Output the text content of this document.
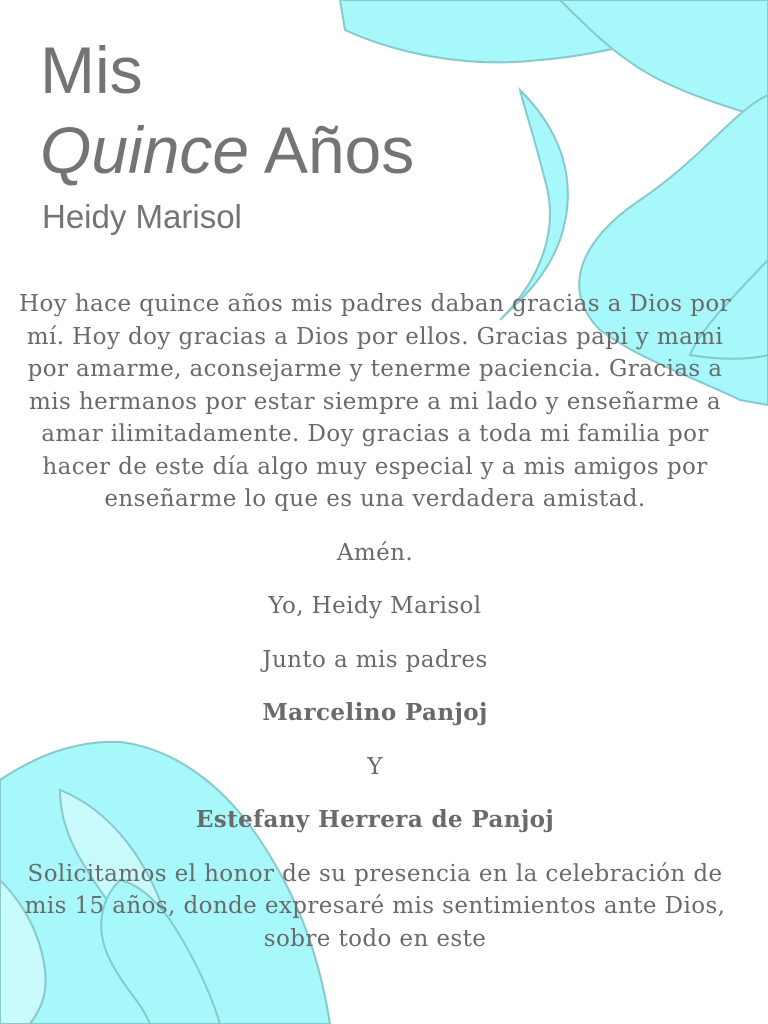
Mis
Quince Años
Heidy Marisol

Hoy hace quince años mis padres daban gracias a Dios por mí. Hoy doy gracias a Dios por ellos. Gracias papi y mami por amarme, aconsejarme y tenerme paciencia. Gracias a mis hermanos por estar siempre a mi lado y enseñarme a amar ilimitadamente. Doy gracias a toda mi familia por hacer de este día algo muy especial y a mis amigos por enseñarme lo que es una verdadera amistad.

Amén.

Yo, Heidy Marisol

Junto a mis padres

Marcelino Panjoj

Y

Estefany Herrera de Panjoj

Solicitamos el honor de su presencia en la celebración de mis 15 años, donde expresaré mis sentimientos ante Dios, sobre todo en este
